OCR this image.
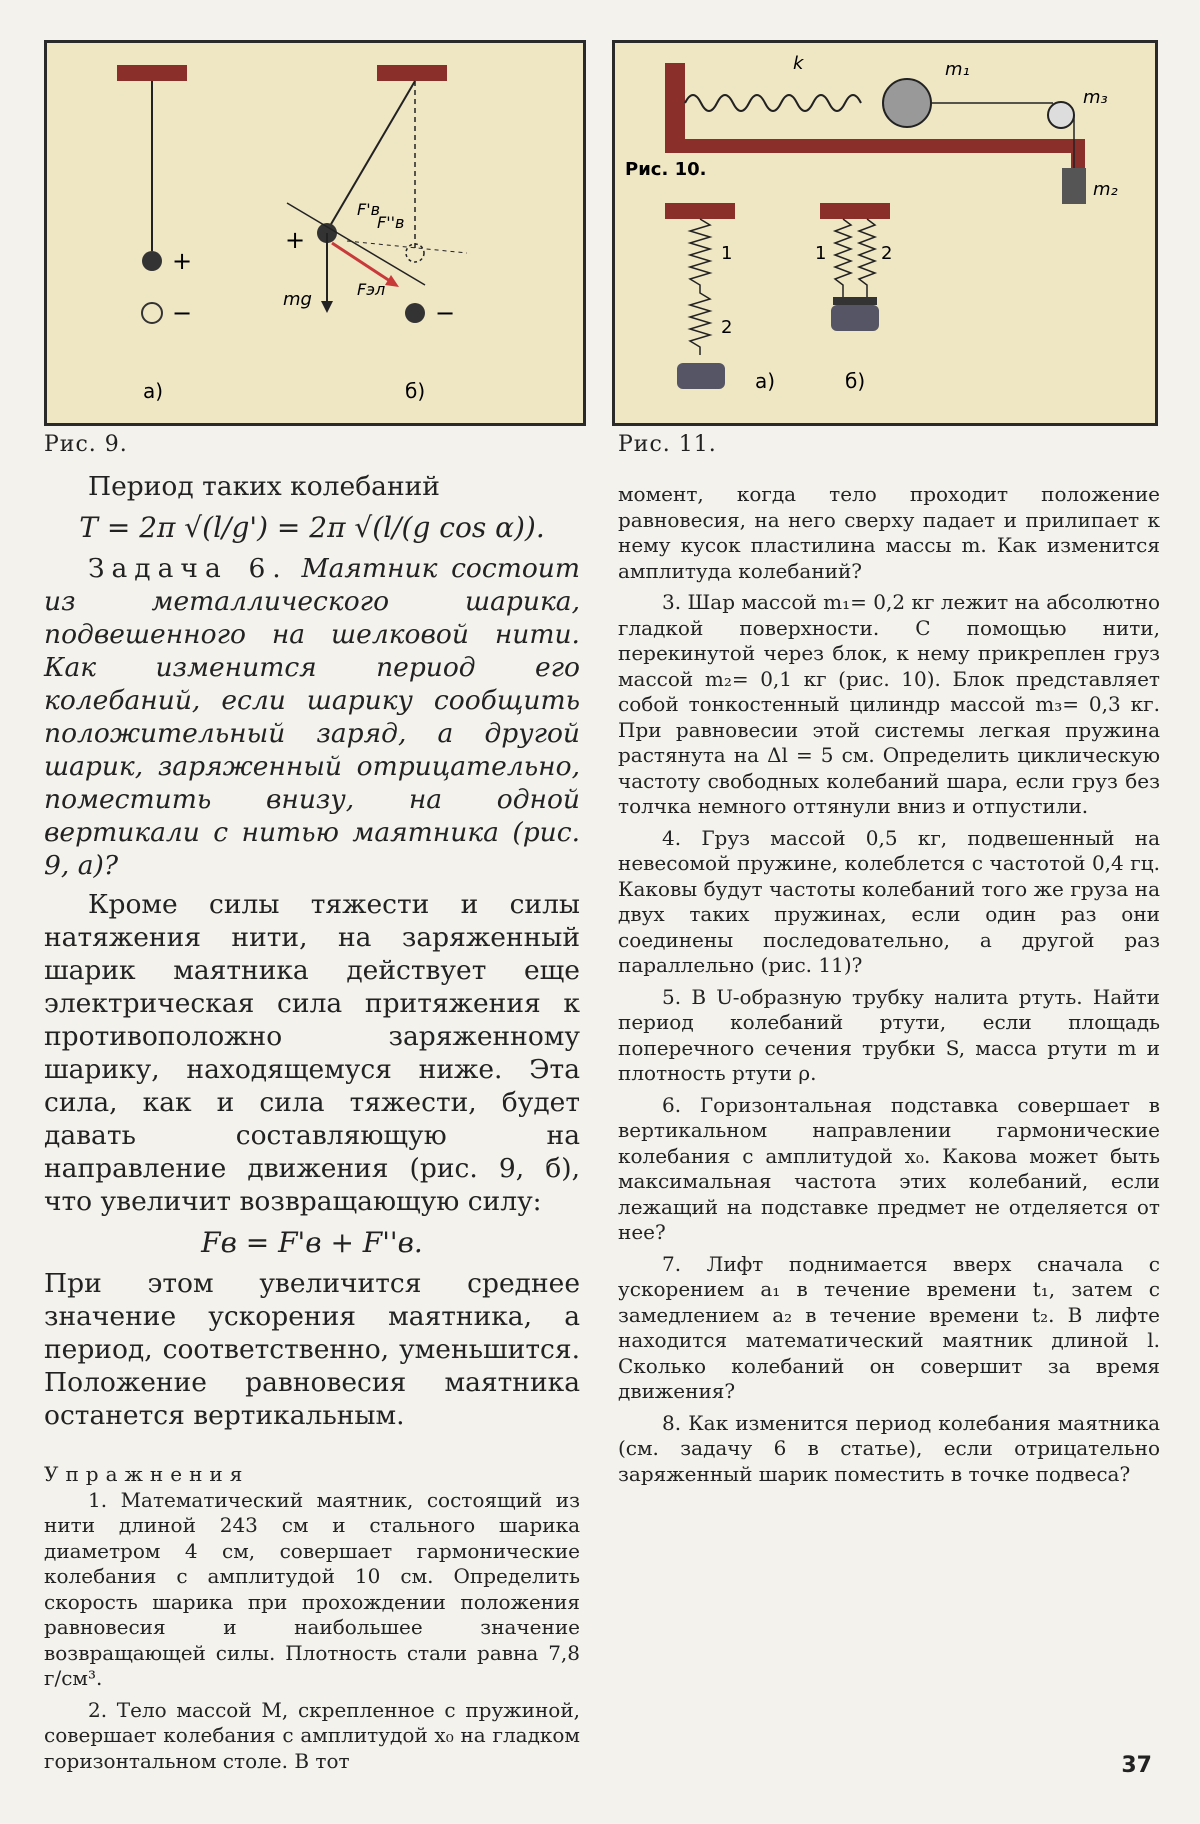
+
−
а)
+
mg
F'в
F''в
Fэл
−
б)
Рис. 9.
k	m₁
m₃
m₂
Рис. 10.
1
2
а)
1	2
б)
Рис. 11.
Период таких колебаний
T = 2π √(l/g') = 2π √(l/(g cos α)).
Задача 6. Маятник состоит из металлического шарика, подвешенного на шелковой нити. Как изменится период его колебаний, если шарику сообщить положительный заряд, а другой шарик, заряженный отрицательно, поместить внизу, на одной вертикали с нитью маятника (рис. 9, а)?
Кроме силы тяжести и силы натяжения нити, на заряженный шарик маятника действует еще электрическая сила притяжения к противоположно заряженному шарику, находящемуся ниже. Эта сила, как и сила тяжести, будет давать составляющую на направление движения (рис. 9, б), что увеличит возвращающую силу:
Fв = F'в + F''в.
При этом увеличится среднее значение ускорения маятника, а период, соответственно, уменьшится. Положение равновесия маятника останется вертикальным.
Упражнения
1. Математический маятник, состоящий из нити длиной 243 см и стального шарика диаметром 4 см, совершает гармонические колебания с амплитудой 10 см. Определить скорость шарика при прохождении положения равновесия и наибольшее значение возвращающей силы. Плотность стали равна 7,8 г/см³.
2. Тело массой M, скрепленное с пружиной, совершает колебания с амплитудой x₀ на гладком горизонтальном столе. В тот
момент, когда тело проходит положение равновесия, на него сверху падает и прилипает к нему кусок пластилина массы m. Как изменится амплитуда колебаний?
3. Шар массой m₁= 0,2 кг лежит на абсолютно гладкой поверхности. С помощью нити, перекинутой через блок, к нему прикреплен груз массой m₂= 0,1 кг (рис. 10). Блок представляет собой тонкостенный цилиндр массой m₃= 0,3 кг. При равновесии этой системы легкая пружина растянута на Δl = 5 см. Определить циклическую частоту свободных колебаний шара, если груз без толчка немного оттянули вниз и отпустили.
4. Груз массой 0,5 кг, подвешенный на невесомой пружине, колеблется с частотой 0,4 гц. Каковы будут частоты колебаний того же груза на двух таких пружинах, если один раз они соединены последовательно, а другой раз параллельно (рис. 11)?
5. В U-образную трубку налита ртуть. Найти период колебаний ртути, если площадь поперечного сечения трубки S, масса ртути m и плотность ртути ρ.
6. Горизонтальная подставка совершает в вертикальном направлении гармонические колебания с амплитудой x₀. Какова может быть максимальная частота этих колебаний, если лежащий на подставке предмет не отделяется от нее?
7. Лифт поднимается вверх сначала с ускорением a₁ в течение времени t₁, затем с замедлением a₂ в течение времени t₂. В лифте находится математический маятник длиной l. Сколько колебаний он совершит за время движения?
8. Как изменится период колебания маятника (см. задачу 6 в статье), если отрицательно заряженный шарик поместить в точке подвеса?
37
